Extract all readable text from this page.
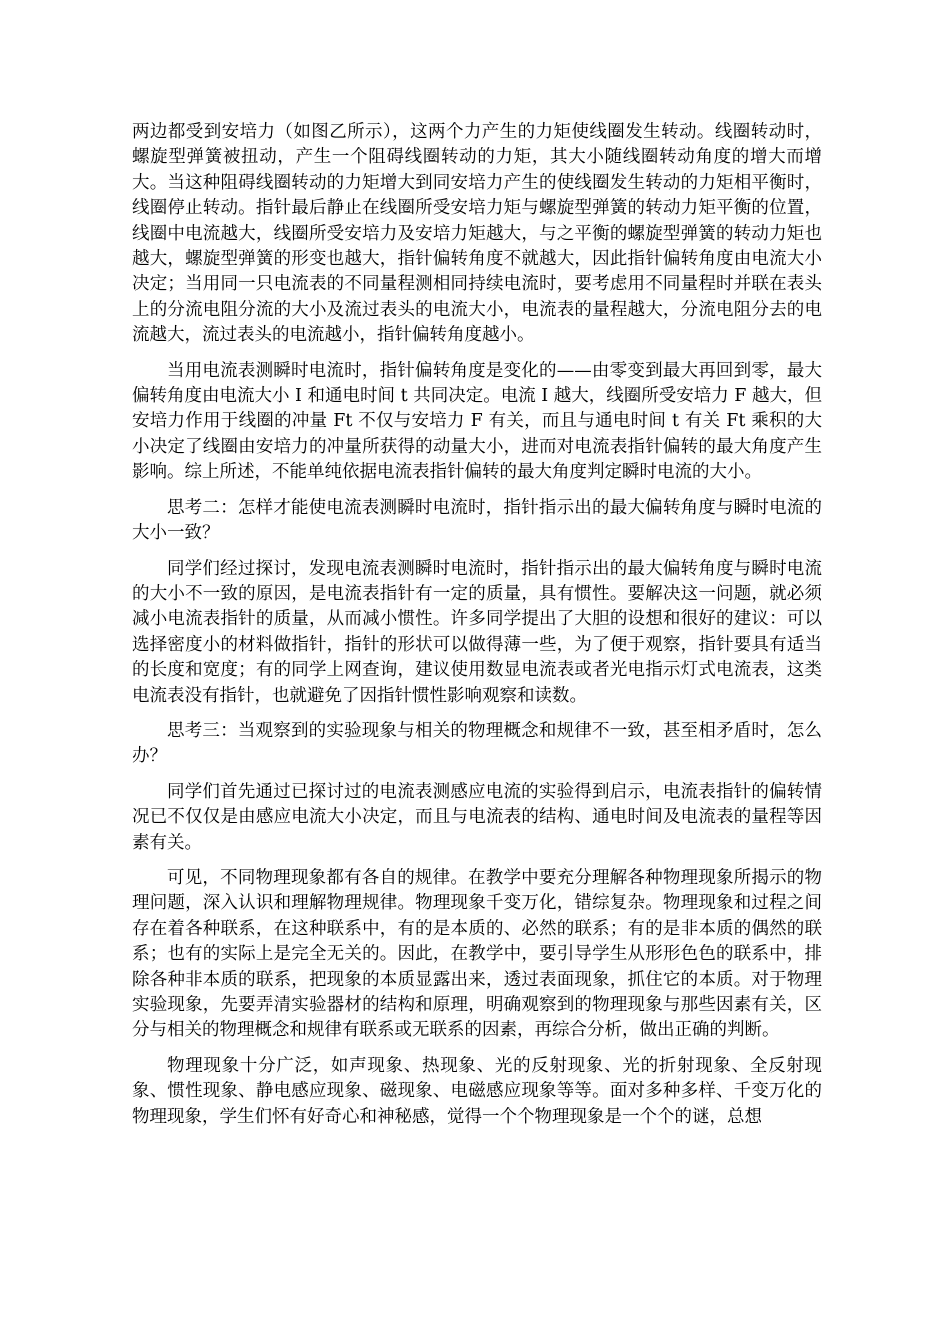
两边都受到安培力（如图乙所示），这两个力产生的力矩使线圈发生转动。线圈转动时，螺旋型弹簧被扭动，产生一个阻碍线圈转动的力矩，其大小随线圈转动角度的增大而增大。当这种阻碍线圈转动的力矩增大到同安培力产生的使线圈发生转动的力矩相平衡时，线圈停止转动。指针最后静止在线圈所受安培力矩与螺旋型弹簧的转动力矩平衡的位置，线圈中电流越大，线圈所受安培力及安培力矩越大，与之平衡的螺旋型弹簧的转动力矩也越大，螺旋型弹簧的形变也越大，指针偏转角度不就越大，因此指针偏转角度由电流大小决定；当用同一只电流表的不同量程测相同持续电流时，要考虑用不同量程时并联在表头上的分流电阻分流的大小及流过表头的电流大小，电流表的量程越大，分流电阻分去的电流越大，流过表头的电流越小，指针偏转角度越小。

当用电流表测瞬时电流时，指针偏转角度是变化的——由零变到最大再回到零，最大偏转角度由电流大小 I 和通电时间 t 共同决定。电流 I 越大，线圈所受安培力 F 越大，但安培力作用于线圈的冲量 Ft 不仅与安培力 F 有关，而且与通电时间 t 有关 Ft 乘积的大小决定了线圈由安培力的冲量所获得的动量大小，进而对电流表指针偏转的最大角度产生影响。综上所述，不能单纯依据电流表指针偏转的最大角度判定瞬时电流的大小。

思考二：怎样才能使电流表测瞬时电流时，指针指示出的最大偏转角度与瞬时电流的大小一致？

同学们经过探讨，发现电流表测瞬时电流时，指针指示出的最大偏转角度与瞬时电流的大小不一致的原因，是电流表指针有一定的质量，具有惯性。要解决这一问题，就必须减小电流表指针的质量，从而减小惯性。许多同学提出了大胆的设想和很好的建议：可以选择密度小的材料做指针，指针的形状可以做得薄一些，为了便于观察，指针要具有适当的长度和宽度；有的同学上网查询，建议使用数显电流表或者光电指示灯式电流表，这类电流表没有指针，也就避免了因指针惯性影响观察和读数。

思考三：当观察到的实验现象与相关的物理概念和规律不一致，甚至相矛盾时，怎么办？

同学们首先通过已探讨过的电流表测感应电流的实验得到启示，电流表指针的偏转情况已不仅仅是由感应电流大小决定，而且与电流表的结构、通电时间及电流表的量程等因素有关。

可见，不同物理现象都有各自的规律。在教学中要充分理解各种物理现象所揭示的物理问题，深入认识和理解物理规律。物理现象千变万化，错综复杂。物理现象和过程之间存在着各种联系，在这种联系中，有的是本质的、必然的联系；有的是非本质的偶然的联系；也有的实际上是完全无关的。因此，在教学中，要引导学生从形形色色的联系中，排除各种非本质的联系，把现象的本质显露出来，透过表面现象，抓住它的本质。对于物理实验现象，先要弄清实验器材的结构和原理，明确观察到的物理现象与那些因素有关，区分与相关的物理概念和规律有联系或无联系的因素，再综合分析，做出正确的判断。

物理现象十分广泛，如声现象、热现象、光的反射现象、光的折射现象、全反射现象、惯性现象、静电感应现象、磁现象、电磁感应现象等等。面对多种多样、千变万化的物理现象，学生们怀有好奇心和神秘感，觉得一个个物理现象是一个个的谜，总想
